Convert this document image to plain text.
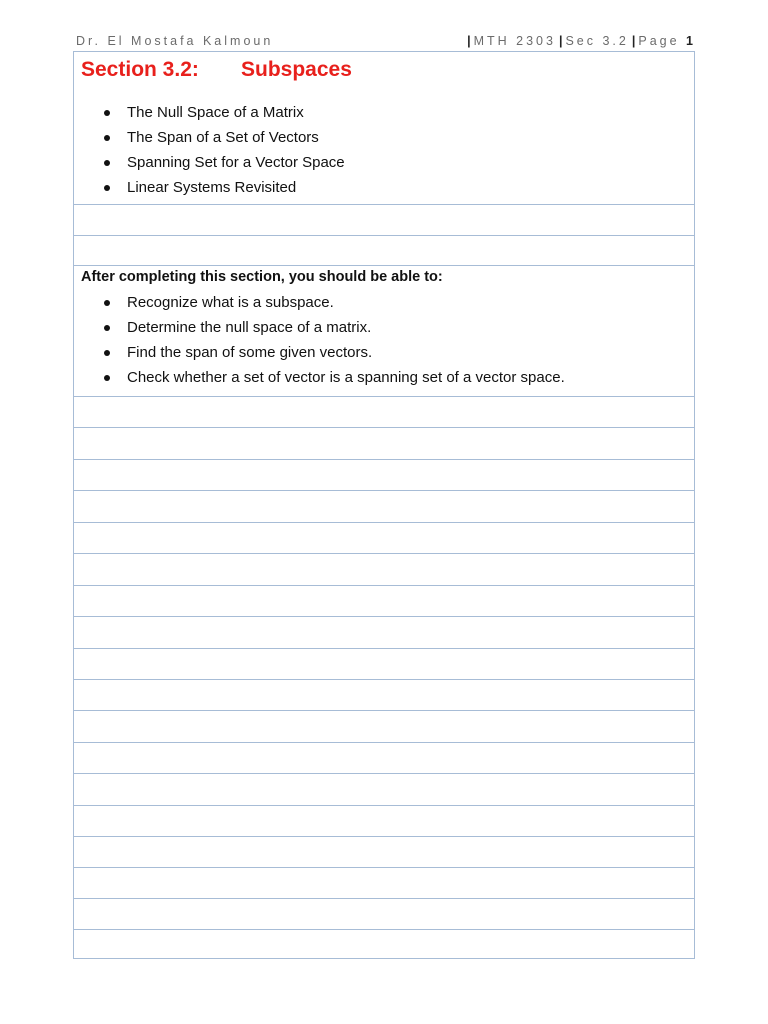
Dr. El Mostafa Kalmoun	| MTH 2303 | Sec 3.2 | Page 1
Section 3.2: Subspaces
The Null Space of a Matrix
The Span of a Set of Vectors
Spanning Set for a Vector Space
Linear Systems Revisited
After completing this section, you should be able to:
Recognize what is a subspace.
Determine the null space of a matrix.
Find the span of some given vectors.
Check whether a set of vector is a spanning set of a vector space.
